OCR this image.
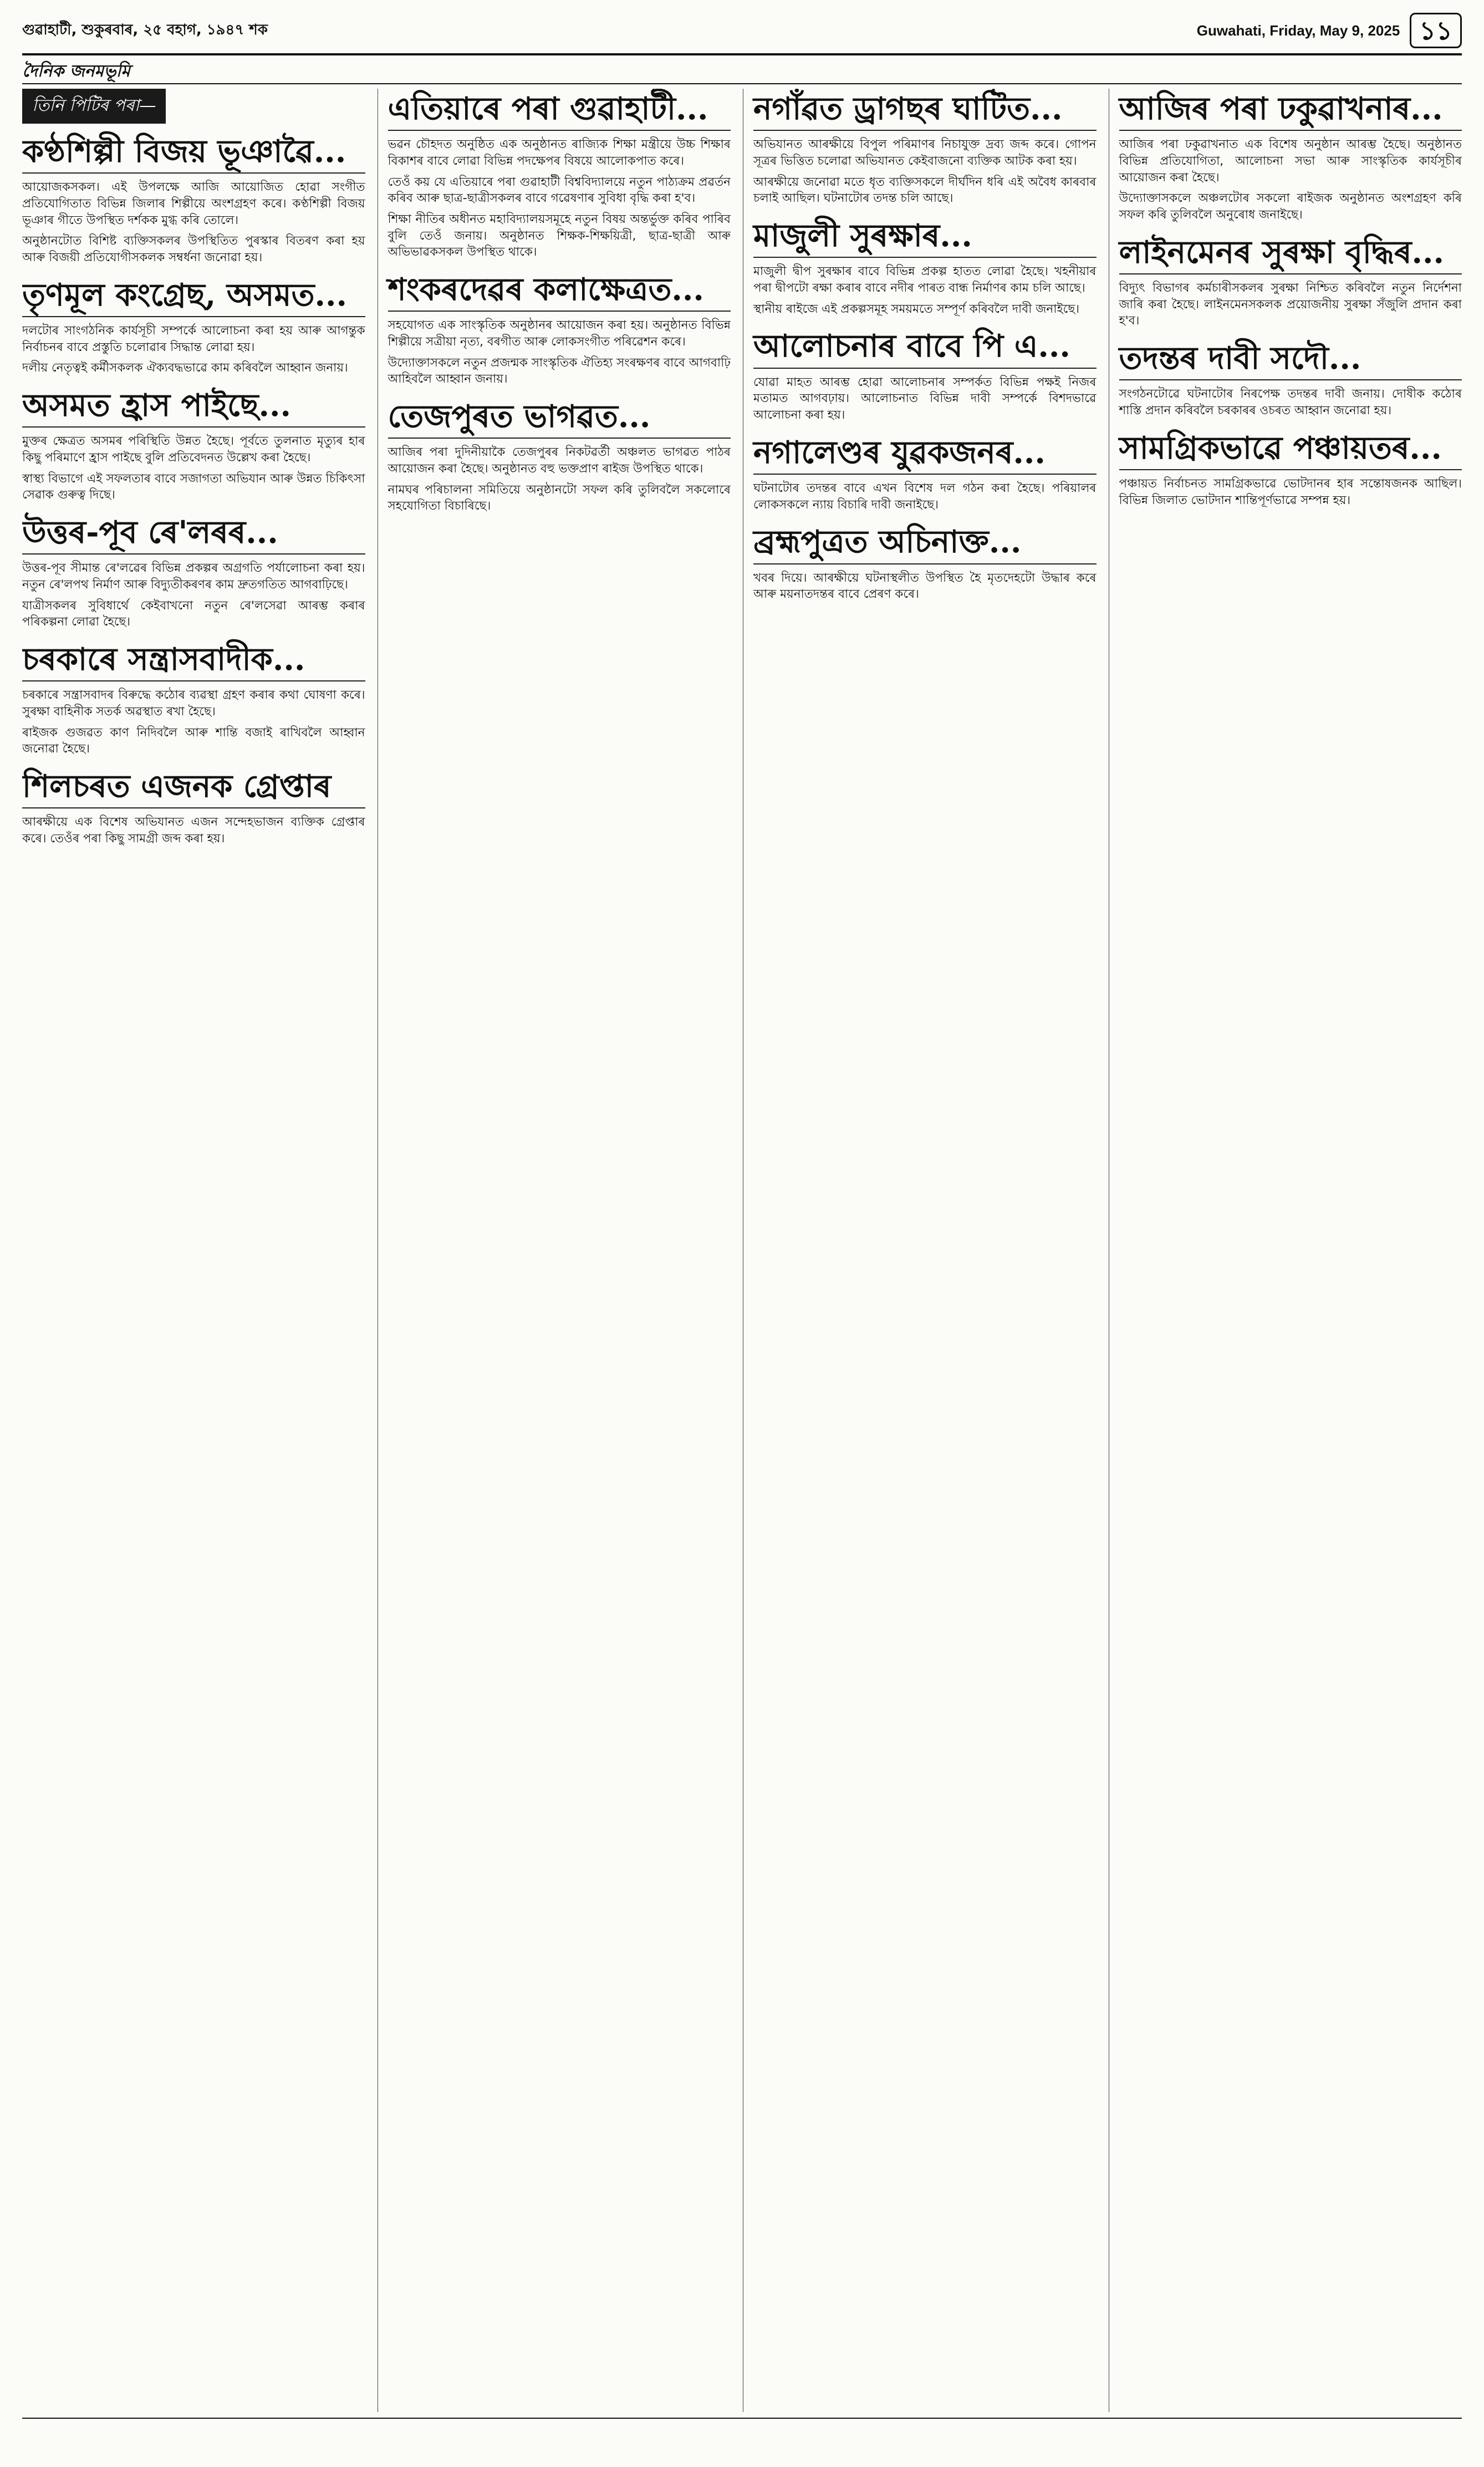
গুৱাহাটী, শুকুৰবাৰ, ২৫ বহাগ, ১৯৪৭ শক	Guwahati, Friday, May 9, 2025 ১১
দৈনিক জনমভূমি
তিনি পিটিৰ পৰা—
কণ্ঠশিল্পী বিজয় ভূঞাৱৈ...

আয়োজকসকল। এই উপলক্ষে আজি আয়োজিত হোৱা সংগীত প্ৰতিযোগিতাত বিভিন্ন জিলাৰ শিল্পীয়ে অংশগ্ৰহণ কৰে। কণ্ঠশিল্পী বিজয় ভূঞাৰ গীতে উপস্থিত দৰ্শকক মুগ্ধ কৰি তোলে।

অনুষ্ঠানটোত বিশিষ্ট ব্যক্তিসকলৰ উপস্থিতিত পুৰস্কাৰ বিতৰণ কৰা হয় আৰু বিজয়ী প্ৰতিযোগীসকলক সম্বৰ্ধনা জনোৱা হয়।

তৃণমূল কংগ্ৰেছ, অসমত...

দলটোৰ সাংগঠনিক কাৰ্যসূচী সম্পৰ্কে আলোচনা কৰা হয় আৰু আগন্তুক নিৰ্বাচনৰ বাবে প্ৰস্তুতি চলোৱাৰ সিদ্ধান্ত লোৱা হয়।

দলীয় নেতৃত্বই কৰ্মীসকলক ঐক্যবদ্ধভাৱে কাম কৰিবলৈ আহ্বান জনায়।

অসমত হ্ৰাস পাইছে...

মুক্তৰ ক্ষেত্ৰত অসমৰ পৰিস্থিতি উন্নত হৈছে। পূৰ্বতে তুলনাত মৃত্যুৰ হাৰ কিছু পৰিমাণে হ্ৰাস পাইছে বুলি প্ৰতিবেদনত উল্লেখ কৰা হৈছে।

স্বাস্থ্য বিভাগে এই সফলতাৰ বাবে সজাগতা অভিযান আৰু উন্নত চিকিৎসা সেৱাক গুৰুত্ব দিছে।

উত্তৰ-পূব ৰে'লৰৰ...

উত্তৰ-পূব সীমান্ত ৰে'লৱেৰ বিভিন্ন প্ৰকল্পৰ অগ্ৰগতি পৰ্যালোচনা কৰা হয়। নতুন ৰে'লপথ নিৰ্মাণ আৰু বিদ্যুতীকৰণৰ কাম দ্ৰুতগতিত আগবাঢ়িছে।

যাত্ৰীসকলৰ সুবিধাৰ্থে কেইবাখনো নতুন ৰে'লসেৱা আৰম্ভ কৰাৰ পৰিকল্পনা লোৱা হৈছে।

চৰকাৰে সন্ত্ৰাসবাদীক...

চৰকাৰে সন্ত্ৰাসবাদৰ বিৰুদ্ধে কঠোৰ ব্যৱস্থা গ্ৰহণ কৰাৰ কথা ঘোষণা কৰে। সুৰক্ষা বাহিনীক সতৰ্ক অৱস্থাত ৰখা হৈছে।

ৰাইজক গুজৱত কাণ নিদিবলৈ আৰু শান্তি বজাই ৰাখিবলৈ আহ্বান জনোৱা হৈছে।

শিলচৰত এজনক গ্ৰেপ্তাৰ

আৰক্ষীয়ে এক বিশেষ অভিযানত এজন সন্দেহভাজন ব্যক্তিক গ্ৰেপ্তাৰ কৰে। তেওঁৰ পৰা কিছু সামগ্ৰী জব্দ কৰা হয়।

এতিয়াৰে পৰা গুৱাহাটী...

ভৱন চৌহদত অনুষ্ঠিত এক অনুষ্ঠানত ৰাজ্যিক শিক্ষা মন্ত্ৰীয়ে উচ্চ শিক্ষাৰ বিকাশৰ বাবে লোৱা বিভিন্ন পদক্ষেপৰ বিষয়ে আলোকপাত কৰে।

তেওঁ কয় যে এতিয়াৰে পৰা গুৱাহাটী বিশ্ববিদ্যালয়ে নতুন পাঠ্যক্ৰম প্ৰৱৰ্তন কৰিব আৰু ছাত্ৰ-ছাত্ৰীসকলৰ বাবে গৱেষণাৰ সুবিধা বৃদ্ধি কৰা হ'ব।

শিক্ষা নীতিৰ অধীনত মহাবিদ্যালয়সমূহে নতুন বিষয় অন্তৰ্ভুক্ত কৰিব পাৰিব বুলি তেওঁ জনায়। অনুষ্ঠানত শিক্ষক-শিক্ষয়িত্ৰী, ছাত্ৰ-ছাত্ৰী আৰু অভিভাৱকসকল উপস্থিত থাকে।

শংকৰদেৱৰ কলাক্ষেত্ৰত...

সহযোগত এক সাংস্কৃতিক অনুষ্ঠানৰ আয়োজন কৰা হয়। অনুষ্ঠানত বিভিন্ন শিল্পীয়ে সত্ৰীয়া নৃত্য, বৰগীত আৰু লোকসংগীত পৰিৱেশন কৰে।

উদ্যোক্তাসকলে নতুন প্ৰজন্মক সাংস্কৃতিক ঐতিহ্য সংৰক্ষণৰ বাবে আগবাঢ়ি আহিবলৈ আহ্বান জনায়।

তেজপুৰত ভাগৱত...

আজিৰ পৰা দুদিনীয়াকৈ তেজপুৰৰ নিকটৱৰ্তী অঞ্চলত ভাগৱত পাঠৰ আয়োজন কৰা হৈছে। অনুষ্ঠানত বহু ভক্তপ্ৰাণ ৰাইজ উপস্থিত থাকে।

নামঘৰ পৰিচালনা সমিতিয়ে অনুষ্ঠানটো সফল কৰি তুলিবলৈ সকলোৰে সহযোগিতা বিচাৰিছে।

নগাঁৱত ড্ৰাগছৰ ঘাটিত...

অভিযানত আৰক্ষীয়ে বিপুল পৰিমাণৰ নিচাযুক্ত দ্ৰব্য জব্দ কৰে। গোপন সূত্ৰৰ ভিত্তিত চলোৱা অভিযানত কেইবাজনো ব্যক্তিক আটক কৰা হয়।

আৰক্ষীয়ে জনোৱা মতে ধৃত ব্যক্তিসকলে দীৰ্ঘদিন ধৰি এই অবৈধ কাৰবাৰ চলাই আছিল। ঘটনাটোৰ তদন্ত চলি আছে।

মাজুলী সুৰক্ষাৰ...

মাজুলী দ্বীপ সুৰক্ষাৰ বাবে বিভিন্ন প্ৰকল্প হাতত লোৱা হৈছে। খহনীয়াৰ পৰা দ্বীপটো ৰক্ষা কৰাৰ বাবে নদীৰ পাৰত বান্ধ নিৰ্মাণৰ কাম চলি আছে।

স্থানীয় ৰাইজে এই প্ৰকল্পসমূহ সময়মতে সম্পূৰ্ণ কৰিবলৈ দাবী জনাইছে।

আলোচনাৰ বাবে পি এ...

যোৱা মাহত আৰম্ভ হোৱা আলোচনাৰ সম্পৰ্কত বিভিন্ন পক্ষই নিজৰ মতামত আগবঢ়ায়। আলোচনাত বিভিন্ন দাবী সম্পৰ্কে বিশদভাৱে আলোচনা কৰা হয়।

নগালেণ্ডৰ যুৱকজনৰ...

ঘটনাটোৰ তদন্তৰ বাবে এখন বিশেষ দল গঠন কৰা হৈছে। পৰিয়ালৰ লোকসকলে ন্যায় বিচাৰি দাবী জনাইছে।

ব্ৰহ্মপুত্ৰত অচিনাক্ত...

খবৰ দিয়ে। আৰক্ষীয়ে ঘটনাস্থলীত উপস্থিত হৈ মৃতদেহটো উদ্ধাৰ কৰে আৰু ময়নাতদন্তৰ বাবে প্ৰেৰণ কৰে।

আজিৰ পৰা ঢকুৱাখনাৰ...

আজিৰ পৰা ঢকুৱাখনাত এক বিশেষ অনুষ্ঠান আৰম্ভ হৈছে। অনুষ্ঠানত বিভিন্ন প্ৰতিযোগিতা, আলোচনা সভা আৰু সাংস্কৃতিক কাৰ্যসূচীৰ আয়োজন কৰা হৈছে।

উদ্যোক্তাসকলে অঞ্চলটোৰ সকলো ৰাইজক অনুষ্ঠানত অংশগ্ৰহণ কৰি সফল কৰি তুলিবলৈ অনুৰোধ জনাইছে।

লাইনমেনৰ সুৰক্ষা বৃদ্ধিৰ...

বিদ্যুৎ বিভাগৰ কৰ্মচাৰীসকলৰ সুৰক্ষা নিশ্চিত কৰিবলৈ নতুন নিৰ্দেশনা জাৰি কৰা হৈছে। লাইনমেনসকলক প্ৰয়োজনীয় সুৰক্ষা সঁজুলি প্ৰদান কৰা হ'ব।

তদন্তৰ দাবী সদৌ...

সংগঠনটোৱে ঘটনাটোৰ নিৰপেক্ষ তদন্তৰ দাবী জনায়। দোষীক কঠোৰ শাস্তি প্ৰদান কৰিবলৈ চৰকাৰৰ ওচৰত আহ্বান জনোৱা হয়।

সামগ্ৰিকভাৱে পঞ্চায়তৰ...

পঞ্চায়ত নিৰ্বাচনত সামগ্ৰিকভাৱে ভোটদানৰ হাৰ সন্তোষজনক আছিল। বিভিন্ন জিলাত ভোটদান শান্তিপূৰ্ণভাৱে সম্পন্ন হয়।
